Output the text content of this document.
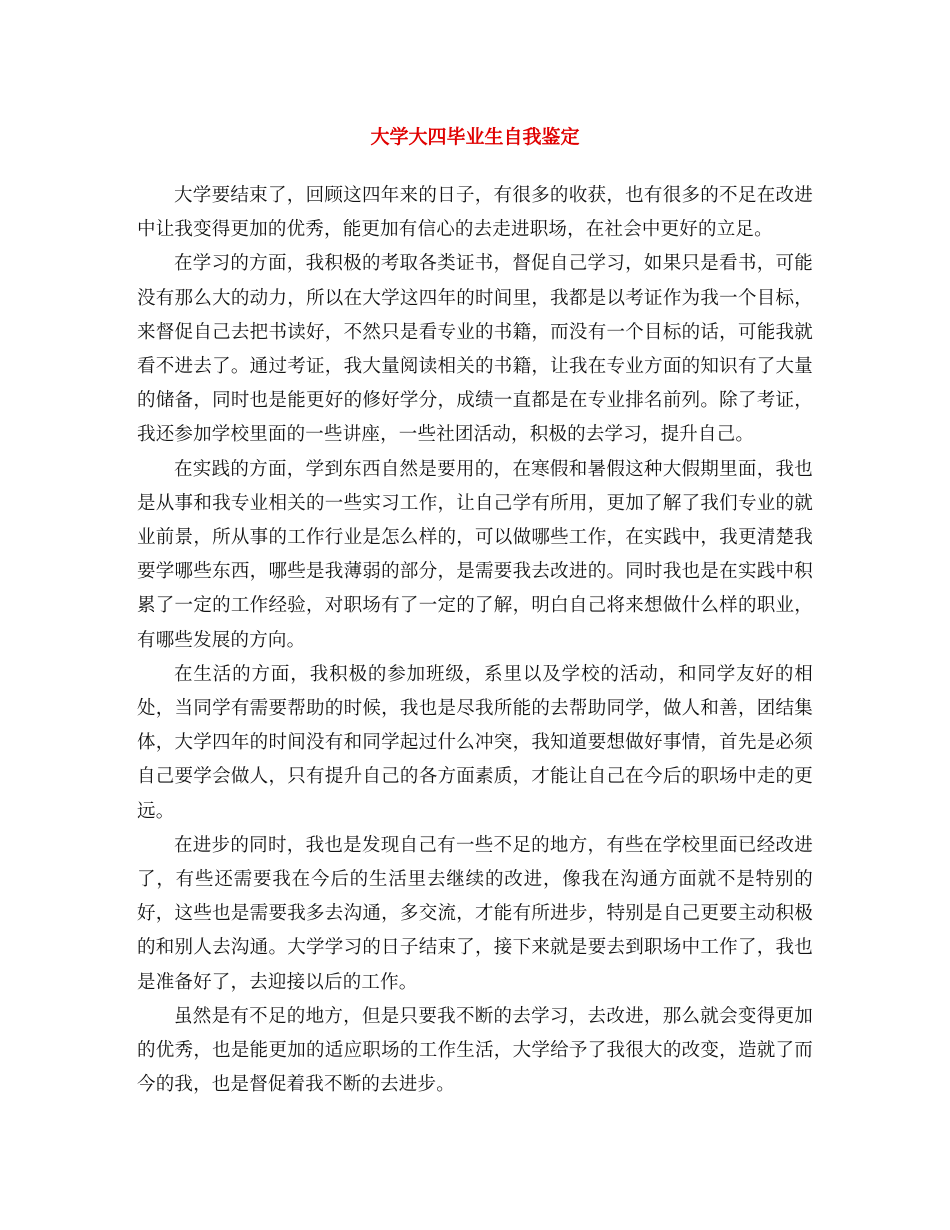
大学大四毕业生自我鉴定

大学要结束了，回顾这四年来的日子，有很多的收获，也有很多的不足在改进中让我变得更加的优秀，能更加有信心的去走进职场，在社会中更好的立足。

在学习的方面，我积极的考取各类证书，督促自己学习，如果只是看书，可能没有那么大的动力，所以在大学这四年的时间里，我都是以考证作为我一个目标，来督促自己去把书读好，不然只是看专业的书籍，而没有一个目标的话，可能我就看不进去了。通过考证，我大量阅读相关的书籍，让我在专业方面的知识有了大量的储备，同时也是能更好的修好学分，成绩一直都是在专业排名前列。除了考证，我还参加学校里面的一些讲座，一些社团活动，积极的去学习，提升自己。

在实践的方面，学到东西自然是要用的，在寒假和暑假这种大假期里面，我也是从事和我专业相关的一些实习工作，让自己学有所用，更加了解了我们专业的就业前景，所从事的工作行业是怎么样的，可以做哪些工作，在实践中，我更清楚我要学哪些东西，哪些是我薄弱的部分，是需要我去改进的。同时我也是在实践中积累了一定的工作经验，对职场有了一定的了解，明白自己将来想做什么样的职业，有哪些发展的方向。

在生活的方面，我积极的参加班级，系里以及学校的活动，和同学友好的相处，当同学有需要帮助的时候，我也是尽我所能的去帮助同学，做人和善，团结集体，大学四年的时间没有和同学起过什么冲突，我知道要想做好事情，首先是必须自己要学会做人，只有提升自己的各方面素质，才能让自己在今后的职场中走的更远。

在进步的同时，我也是发现自己有一些不足的地方，有些在学校里面已经改进了，有些还需要我在今后的生活里去继续的改进，像我在沟通方面就不是特别的好，这些也是需要我多去沟通，多交流，才能有所进步，特别是自己更要主动积极的和别人去沟通。大学学习的日子结束了，接下来就是要去到职场中工作了，我也是准备好了，去迎接以后的工作。

虽然是有不足的地方，但是只要我不断的去学习，去改进，那么就会变得更加的优秀，也是能更加的适应职场的工作生活，大学给予了我很大的改变，造就了而今的我，也是督促着我不断的去进步。
